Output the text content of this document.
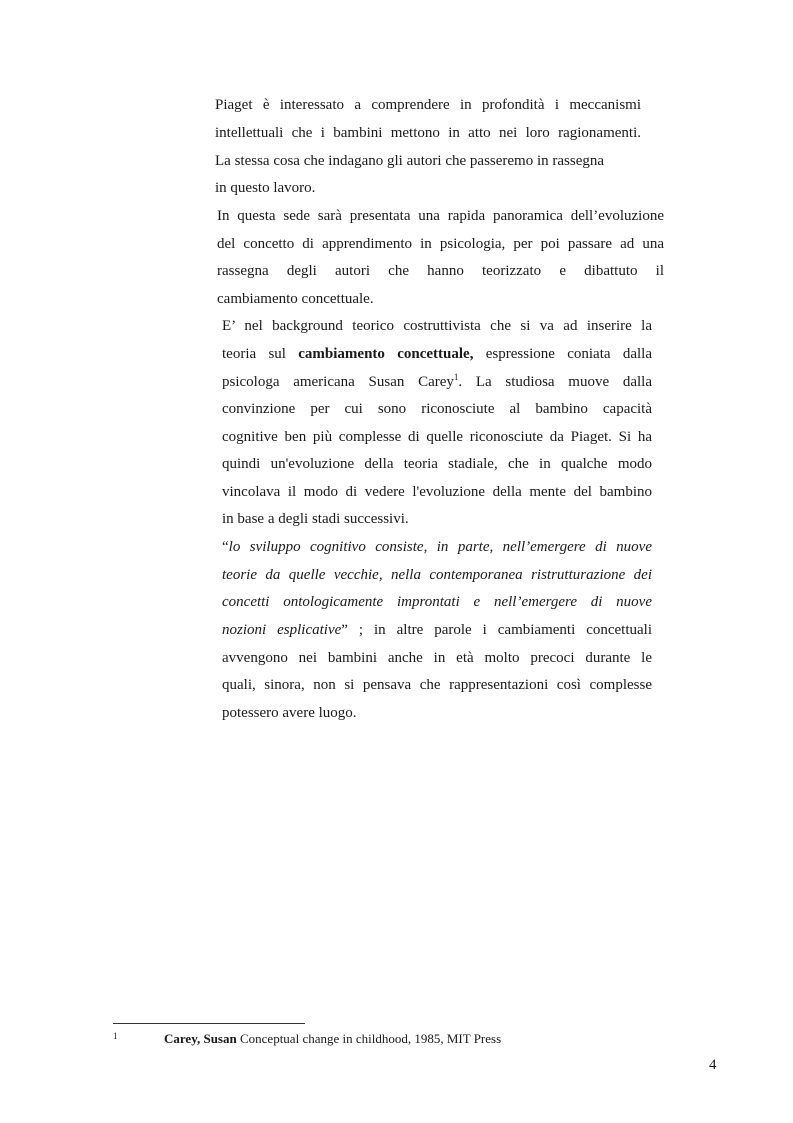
Piaget è interessato a comprendere in profondità i meccanismi
intellettuali che i bambini mettono in atto nei loro ragionamenti.
La stessa cosa che indagano gli autori che passeremo in rassegna
in questo lavoro.
In questa sede sarà presentata una rapida panoramica dell’evoluzione
del concetto di apprendimento in psicologia, per poi passare ad una
rassegna degli autori che hanno teorizzato e dibattuto il
cambiamento concettuale.
E’ nel background teorico costruttivista che si va ad inserire la
teoria sul cambiamento concettuale, espressione coniata dalla
psicologa americana Susan Carey$^1$. La studiosa muove dalla
convinzione per cui sono riconosciute al bambino capacità
cognitive ben più complesse di quelle riconosciute da Piaget. Si ha
quindi un'evoluzione della teoria stadiale, che in qualche modo
vincolava il modo di vedere l'evoluzione della mente del bambino
in base a degli stadi successivi.
“lo sviluppo cognitivo consiste, in parte, nell’emergere di nuove
teorie da quelle vecchie, nella contemporanea ristrutturazione dei
concetti ontologicamente improntati e nell’emergere di nuove
nozioni esplicative” ; in altre parole i cambiamenti concettuali
avvengono nei bambini anche in età molto precoci durante le
quali, sinora, non si pensava che rappresentazioni così complesse
potessero avere luogo.
1	Carey, Susan Conceptual change in childhood, 1985, MIT Press
4
